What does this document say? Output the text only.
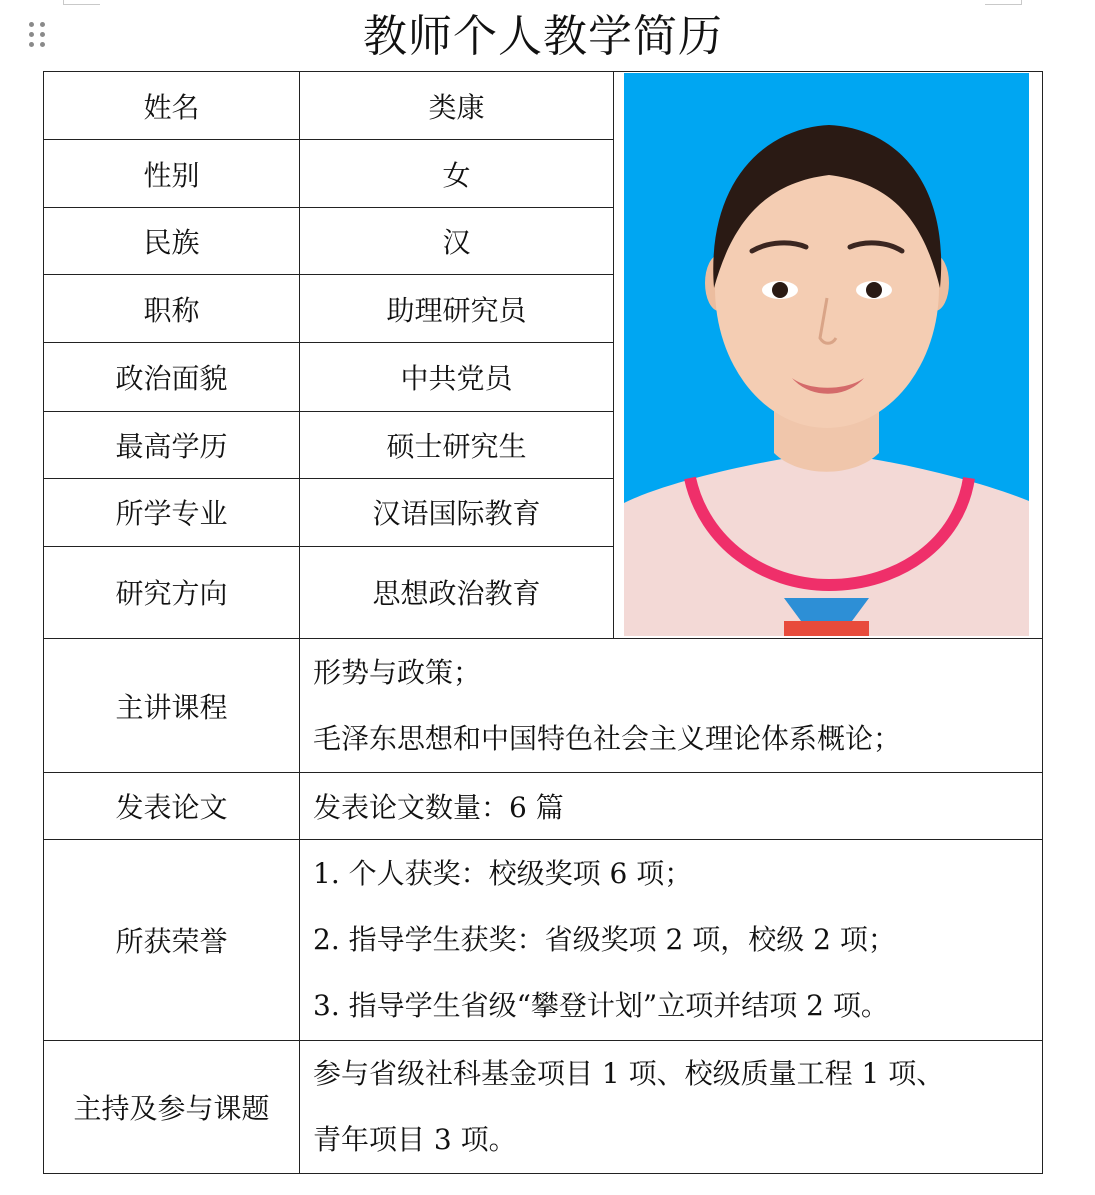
教师个人教学简历
姓名	类康	

性别	女	
民族	汉	
职称	助理研究员	
政治面貌	中共党员	
最高学历	硕士研究生	
所学专业	汉语国际教育	
研究方向	思想政治教育	
主讲课程	形势与政策；

毛泽东思想和中国特色社会主义理论体系概论；	

发表论文	发表论文数量：6 篇	

所获荣誉	1. 个人获奖：校级奖项 6 项；

2. 指导学生获奖：省级奖项 2 项，校级 2 项；

3. 指导学生省级“攀登计划”立项并结项 2 项。	

主持及参与课题	参与省级社科基金项目 1 项、校级质量工程 1 项、

青年项目 3 项。	
